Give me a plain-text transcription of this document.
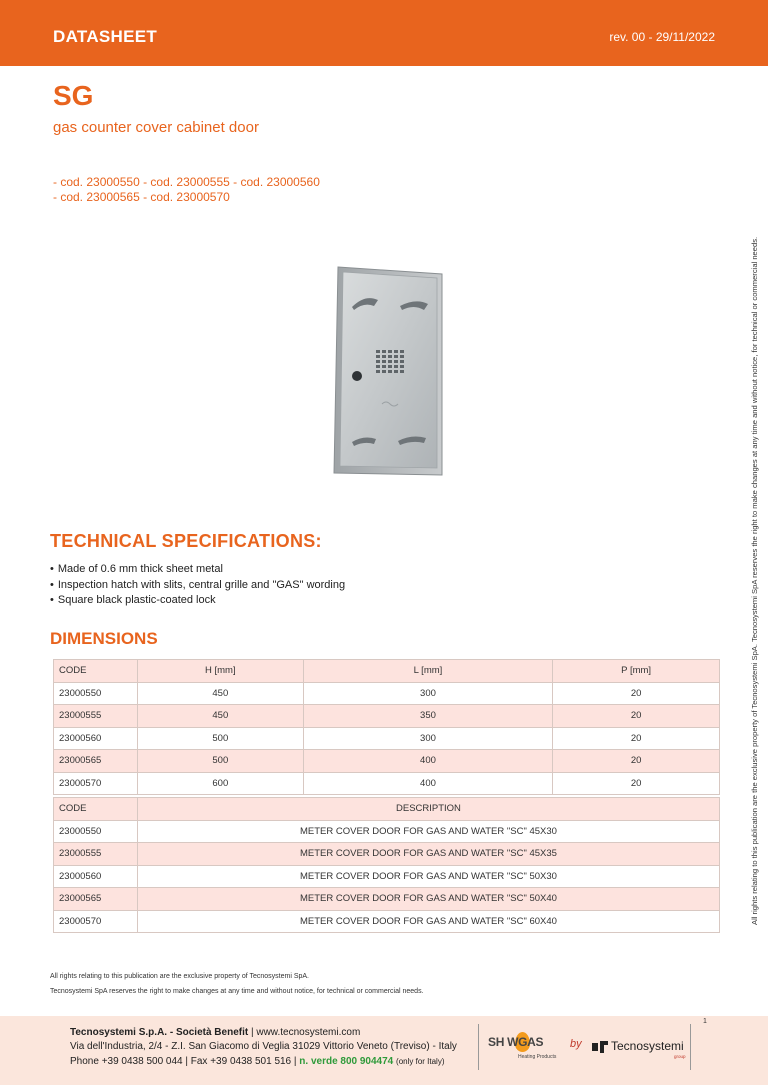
DATASHEET	rev. 00 - 29/11/2022
SG
gas counter cover cabinet door
- cod. 23000550 - cod. 23000555 - cod. 23000560
- cod. 23000565 - cod. 23000570
All rights relating to this publication are the exclusive property of Tecnosystemi SpA. Tecnosystemi SpA reserves the right to make changes at any time and without notice, for technical or commercial needs.
TECHNICAL SPECIFICATIONS:
• Made of 0.6 mm thick sheet metal
• Inspection hatch with slits, central grille and "GAS" wording
• Square black plastic-coated lock
DIMENSIONS
CODE	H [mm]	L [mm]	P [mm]
23000550	450	300	20
23000555	450	350	20
23000560	500	300	20
23000565	500	400	20
23000570	600	400	20
CODE	DESCRIPTION
23000550	METER COVER DOOR FOR GAS AND WATER "SC" 45X30
23000555	METER COVER DOOR FOR GAS AND WATER "SC" 45X35
23000560	METER COVER DOOR FOR GAS AND WATER "SC" 50X30
23000565	METER COVER DOOR FOR GAS AND WATER "SC" 50X40
23000570	METER COVER DOOR FOR GAS AND WATER "SC" 60X40
All rights relating to this publication are the exclusive property of Tecnosystemi SpA.
Tecnosystemi SpA reserves the right to make changes at any time and without notice, for technical or commercial needs.
Tecnosystemi S.p.A. - Società Benefit | www.tecnosystemi.com
Via dell'Industria, 2/4 - Z.I. San Giacomo di Veglia 31029 Vittorio Veneto (Treviso) - Italy
Phone +39 0438 500 044 | Fax +39 0438 501 516 | n. verde 800 904474 (only for Italy)
1
SH WGAS
Heating Products
by Tecnosystemi
group
